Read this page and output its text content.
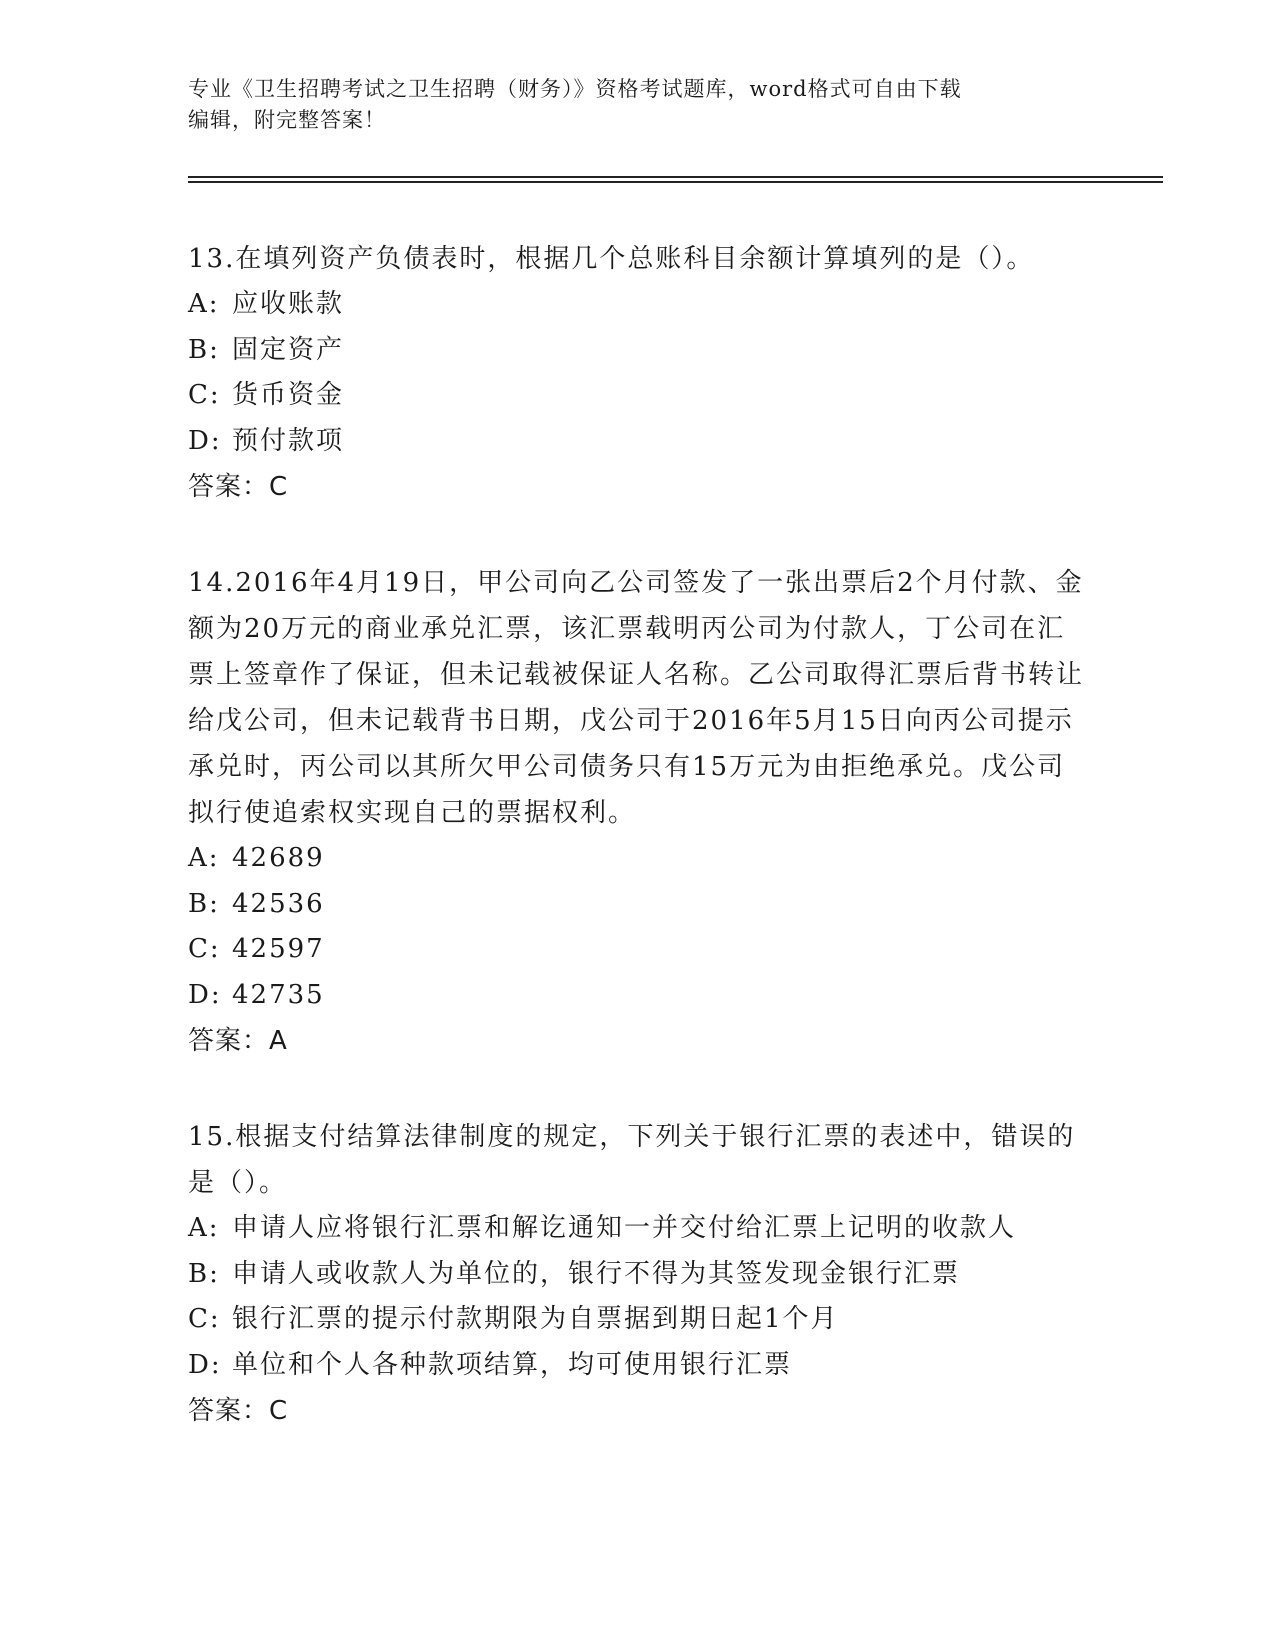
专业《卫生招聘考试之卫生招聘（财务）》资格考试题库，word格式可自由下载
编辑，附完整答案！
13.在填列资产负债表时，根据几个总账科目余额计算填列的是（）。
A: 应收账款
B: 固定资产
C: 货币资金
D: 预付款项
答案：C
14.2016年4月19日，甲公司向乙公司签发了一张出票后2个月付款、金额为20万元的商业承兑汇票，该汇票载明丙公司为付款人，丁公司在汇票上签章作了保证，但未记载被保证人名称。乙公司取得汇票后背书转让给戊公司，但未记载背书日期，戊公司于2016年5月15日向丙公司提示承兑时，丙公司以其所欠甲公司债务只有15万元为由拒绝承兑。戊公司拟行使追索权实现自己的票据权利。
A: 42689
B: 42536
C: 42597
D: 42735
答案：A
15.根据支付结算法律制度的规定，下列关于银行汇票的表述中，错误的是（）。
A: 申请人应将银行汇票和解讫通知一并交付给汇票上记明的收款人
B: 申请人或收款人为单位的，银行不得为其签发现金银行汇票
C: 银行汇票的提示付款期限为自票据到期日起1个月
D: 单位和个人各种款项结算，均可使用银行汇票
答案：C
